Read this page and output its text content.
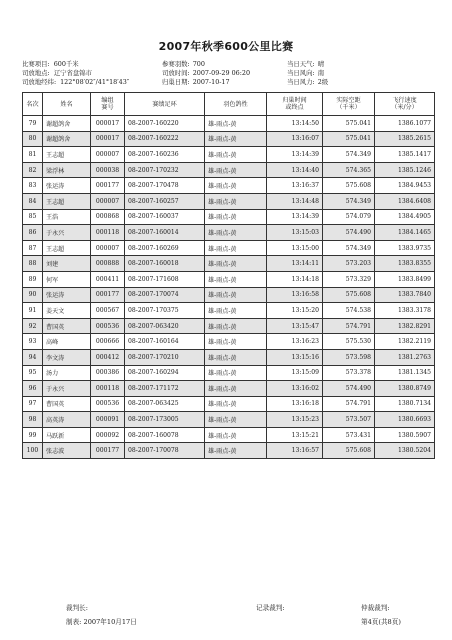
2007年秋季600公里比赛
比赛项目: 600千米
司放地点: 辽宁省盘锦市
司放地经纬: 122°08′02″/41°18′43″
参赛羽数: 700
司放时间: 2007-09-29 06:20
归巢日期: 2007-10-17
当日天气: 晴
当日风向: 南
当日风力: 2级
名次	姓名	编组
赛号	赛绩足环	羽色鸽性	归巢时间
或终点	实际空距
（千米）	飞行速度
（米/分）
79	谢超鸽舍	000017	08-2007-160220	雄-雨点-黄	13:14:50	575.041	1386.1077
80	谢超鸽舍	000017	08-2007-160222	雄-雨点-黄	13:16:07	575.041	1385.2615
81	王志超	000007	08-2007-160236	雄-雨点-黄	13:14:39	574.349	1385.1417
82	梁浮林	000038	08-2007-170232	雄-雨点-黄	13:14:40	574.365	1385.1246
83	张运涛	000177	08-2007-170478	雄-雨点-黄	13:16:37	575.608	1384.9453
84	王志超	000007	08-2007-160257	雄-雨点-黄	13:14:48	574.349	1384.6408
85	王浩	000868	08-2007-160037	雄-雨点-黄	13:14:39	574.079	1384.4905
86	于永兴	000118	08-2007-160014	雄-雨点-黄	13:15:03	574.490	1384.1465
87	王志超	000007	08-2007-160269	雄-雨点-黄	13:15:00	574.349	1383.9735
88	刘建	000888	08-2007-160018	雄-雨点-黄	13:14:11	573.203	1383.8355
89	何军	000411	08-2007-171608	雄-雨点-黄	13:14:18	573.329	1383.8499
90	张运涛	000177	08-2007-170074	雄-雨点-黄	13:16:58	575.608	1383.7840
91	姜天文	000567	08-2007-170375	雄-雨点-黄	13:15:20	574.538	1383.3178
92	曹国英	000536	08-2007-063420	雄-雨点-黄	13:15:47	574.791	1382.8291
93	高峰	000666	08-2007-160164	雄-雨点-黄	13:16:23	575.530	1382.2119
94	李文涛	000412	08-2007-170210	雄-雨点-黄	13:15:16	573.598	1381.2763
95	汤力	000386	08-2007-160294	雄-雨点-黄	13:15:09	573.378	1381.1345
96	于永兴	000118	08-2007-171172	雄-雨点-黄	13:16:02	574.490	1380.8749
97	曹国英	000536	08-2007-063425	雄-雨点-黄	13:16:18	574.791	1380.7134
98	高英涛	000091	08-2007-173005	雄-雨点-黄	13:15:23	573.507	1380.6693
99	马跃新	000092	08-2007-160078	雄-雨点-黄	13:15:21	573.431	1380.5907
100	张志波	000177	08-2007-170078	雄-雨点-黄	13:16:57	575.608	1380.5204
裁判长:
制表: 2007年10月17日
记录裁判:	仲裁裁判:
第4页(共8页)
